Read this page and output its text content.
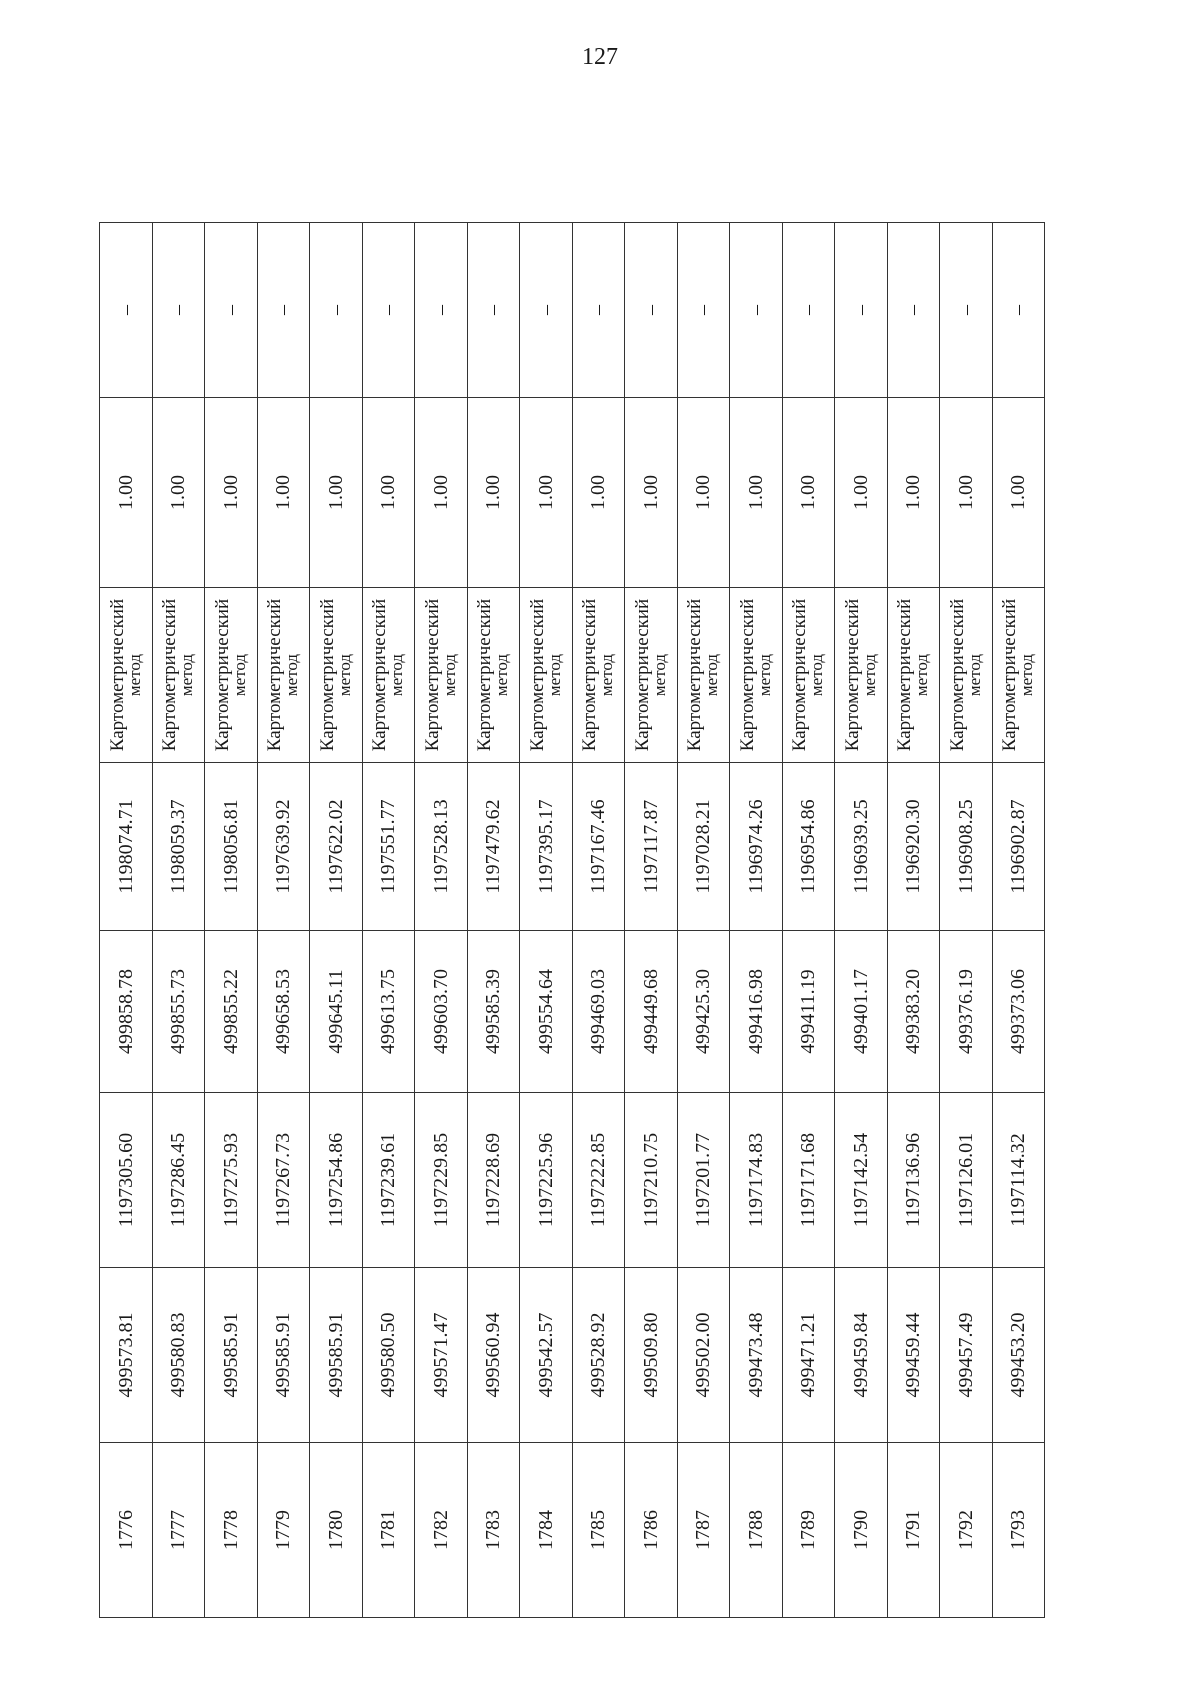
127
1776	499573.81	1197305.60	499858.78	1198074.71	Картометрический
метод	1.00	–
1777	499580.83	1197286.45	499855.73	1198059.37	Картометрический
метод	1.00	–
1778	499585.91	1197275.93	499855.22	1198056.81	Картометрический
метод	1.00	–
1779	499585.91	1197267.73	499658.53	1197639.92	Картометрический
метод	1.00	–
1780	499585.91	1197254.86	499645.11	1197622.02	Картометрический
метод	1.00	–
1781	499580.50	1197239.61	499613.75	1197551.77	Картометрический
метод	1.00	–
1782	499571.47	1197229.85	499603.70	1197528.13	Картометрический
метод	1.00	–
1783	499560.94	1197228.69	499585.39	1197479.62	Картометрический
метод	1.00	–
1784	499542.57	1197225.96	499554.64	1197395.17	Картометрический
метод	1.00	–
1785	499528.92	1197222.85	499469.03	1197167.46	Картометрический
метод	1.00	–
1786	499509.80	1197210.75	499449.68	1197117.87	Картометрический
метод	1.00	–
1787	499502.00	1197201.77	499425.30	1197028.21	Картометрический
метод	1.00	–
1788	499473.48	1197174.83	499416.98	1196974.26	Картометрический
метод	1.00	–
1789	499471.21	1197171.68	499411.19	1196954.86	Картометрический
метод	1.00	–
1790	499459.84	1197142.54	499401.17	1196939.25	Картометрический
метод	1.00	–
1791	499459.44	1197136.96	499383.20	1196920.30	Картометрический
метод	1.00	–
1792	499457.49	1197126.01	499376.19	1196908.25	Картометрический
метод	1.00	–
1793	499453.20	1197114.32	499373.06	1196902.87	Картометрический
метод	1.00	–
